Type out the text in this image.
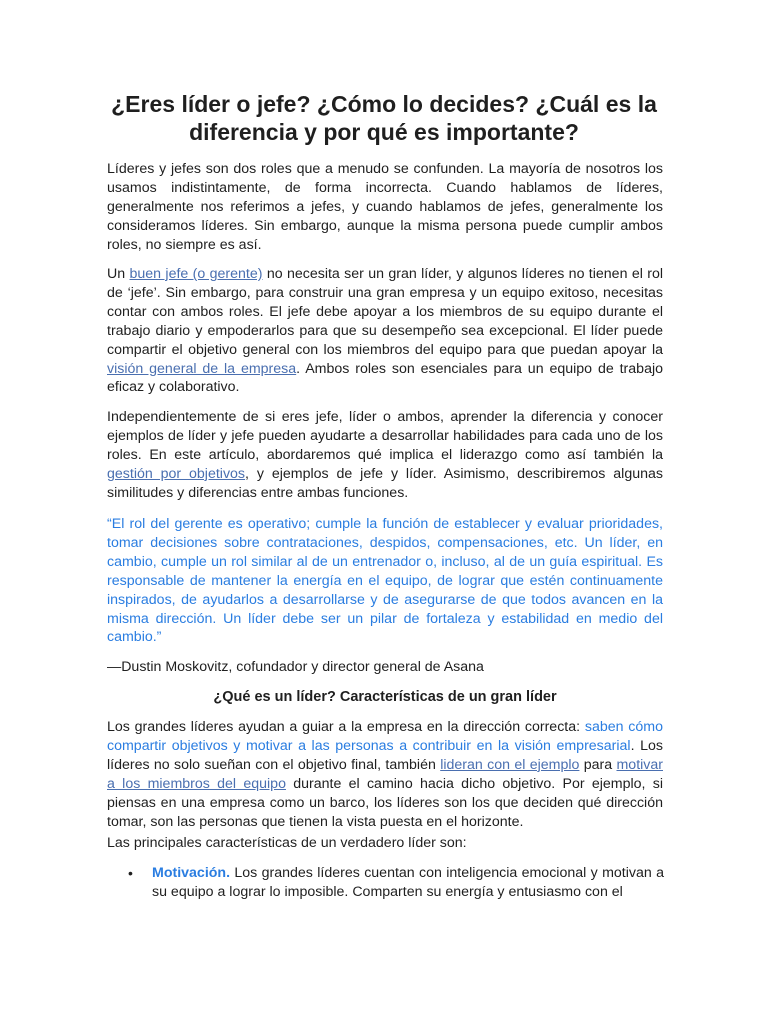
¿Eres líder o jefe? ¿Cómo lo decides? ¿Cuál es la diferencia y por qué es importante?

Líderes y jefes son dos roles que a menudo se confunden. La mayoría de nosotros los usamos indistintamente, de forma incorrecta. Cuando hablamos de líderes, generalmente nos referimos a jefes, y cuando hablamos de jefes, generalmente los consideramos líderes. Sin embargo, aunque la misma persona puede cumplir ambos roles, no siempre es así.

Un buen jefe (o gerente) no necesita ser un gran líder, y algunos líderes no tienen el rol de ‘jefe’. Sin embargo, para construir una gran empresa y un equipo exitoso, necesitas contar con ambos roles. El jefe debe apoyar a los miembros de su equipo durante el trabajo diario y empoderarlos para que su desempeño sea excepcional. El líder puede compartir el objetivo general con los miembros del equipo para que puedan apoyar la visión general de la empresa. Ambos roles son esenciales para un equipo de trabajo eficaz y colaborativo.

Independientemente de si eres jefe, líder o ambos, aprender la diferencia y conocer ejemplos de líder y jefe pueden ayudarte a desarrollar habilidades para cada uno de los roles. En este artículo, abordaremos qué implica el liderazgo como así también la gestión por objetivos, y ejemplos de jefe y líder. Asimismo, describiremos algunas similitudes y diferencias entre ambas funciones.

“El rol del gerente es operativo; cumple la función de establecer y evaluar prioridades, tomar decisiones sobre contrataciones, despidos, compensaciones, etc. Un líder, en cambio, cumple un rol similar al de un entrenador o, incluso, al de un guía espiritual. Es responsable de mantener la energía en el equipo, de lograr que estén continuamente inspirados, de ayudarlos a desarrollarse y de asegurarse de que todos avancen en la misma dirección. Un líder debe ser un pilar de fortaleza y estabilidad en medio del cambio.”

—Dustin Moskovitz, cofundador y director general de Asana

¿Qué es un líder? Características de un gran líder

Los grandes líderes ayudan a guiar a la empresa en la dirección correcta: saben cómo compartir objetivos y motivar a las personas a contribuir en la visión empresarial. Los líderes no solo sueñan con el objetivo final, también lideran con el ejemplo para motivar a los miembros del equipo durante el camino hacia dicho objetivo. Por ejemplo, si piensas en una empresa como un barco, los líderes son los que deciden qué dirección tomar, son las personas que tienen la vista puesta en el horizonte.

Las principales características de un verdadero líder son:

• Motivación. Los grandes líderes cuentan con inteligencia emocional y motivan a su equipo a lograr lo imposible. Comparten su energía y entusiasmo con el
